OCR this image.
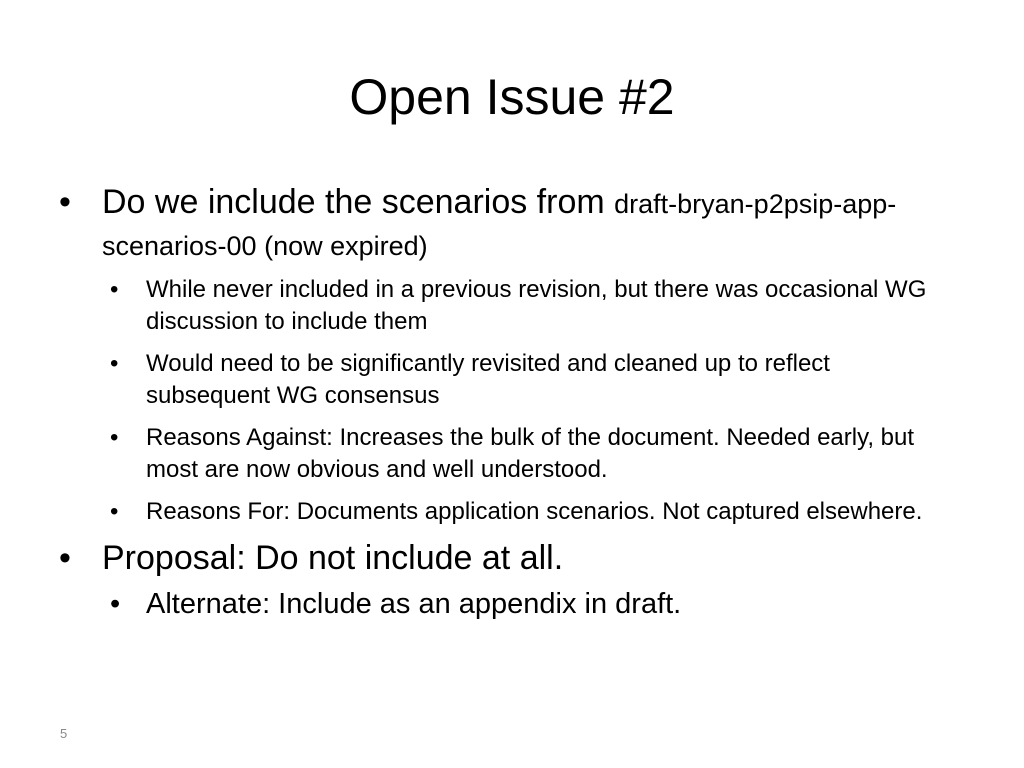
Open Issue #2
• Do we include the scenarios from draft-bryan-p2psip-app-scenarios-00 (now expired)
• While never included in a previous revision, but there was occasional WG discussion to include them
• Would need to be significantly revisited and cleaned up to reflect subsequent WG consensus
• Reasons Against: Increases the bulk of the document. Needed early, but most are now obvious and well understood.
• Reasons For: Documents application scenarios. Not captured elsewhere.
• Proposal: Do not include at all.
• Alternate: Include as an appendix in draft.
5
